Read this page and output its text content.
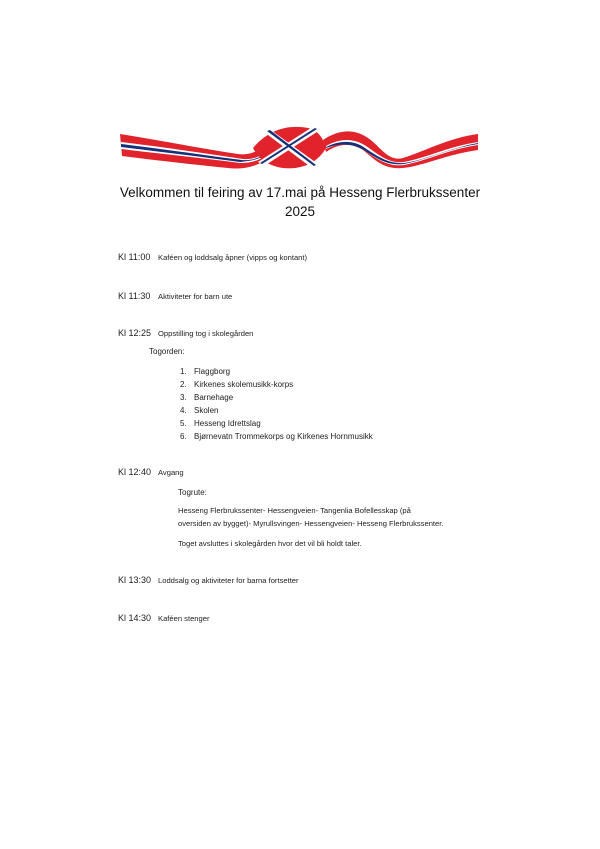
Velkommen til feiring av 17.mai på Hesseng Flerbrukssenter
2025
Kl 11:00 Kaféen og loddsalg åpner (vipps og kontant)
Kl 11:30 Aktiviteter for barn ute
Kl 12:25 Oppstilling tog i skolegården
Togorden:
1. Flaggborg
2. Kirkenes skolemusikk-korps
3. Barnehage
4. Skolen
5. Hesseng Idrettslag
6. Bjørnevatn Trommekorps og Kirkenes Hornmusikk
Kl 12:40 Avgang
Togrute:
Hesseng Flerbrukssenter- Hessengveien- Tangenlia Bofellesskap (på
oversiden av bygget)- Myrullsvingen- Hessengveien- Hesseng Flerbrukssenter.
Toget avsluttes i skolegården hvor det vil bli holdt taler.
Kl 13:30 Loddsalg og aktiviteter for barna fortsetter
Kl 14:30 Kaféen stenger
